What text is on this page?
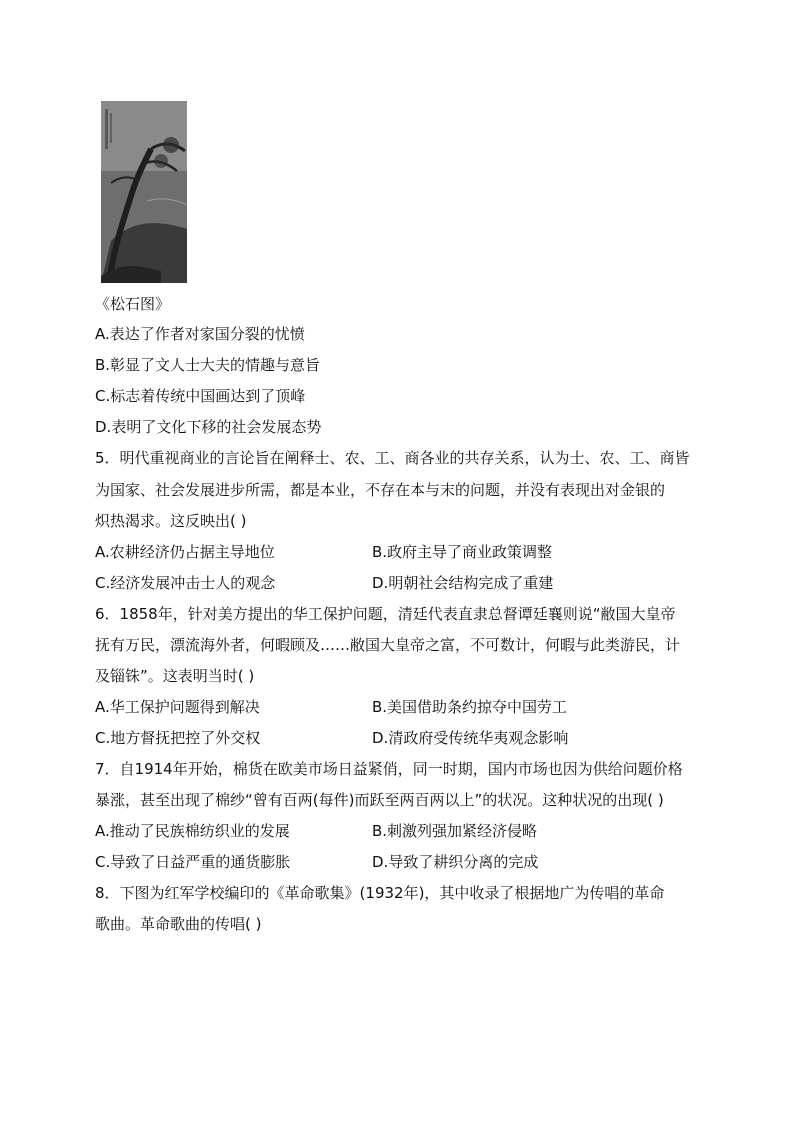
《松石图》
A.表达了作者对家国分裂的忧愤
B.彰显了文人士大夫的情趣与意旨
C.标志着传统中国画达到了顶峰
D.表明了文化下移的社会发展态势
5．明代重视商业的言论旨在阐释士、农、工、商各业的共存关系，认为士、农、工、商皆
为国家、社会发展进步所需，都是本业，不存在本与末的问题，并没有表现出对金银的
炽热渴求。这反映出( )
A.农耕经济仍占据主导地位	B.政府主导了商业政策调整
C.经济发展冲击士人的观念	D.明朝社会结构完成了重建
6．1858年，针对美方提出的华工保护问题，清廷代表直隶总督谭廷襄则说“敝国大皇帝
抚有万民，漂流海外者，何暇顾及……敝国大皇帝之富，不可数计，何暇与此类游民，计
及锱铢”。这表明当时( )
A.华工保护问题得到解决	B.美国借助条约掠夺中国劳工
C.地方督抚把控了外交权	D.清政府受传统华夷观念影响
7．自1914年开始，棉货在欧美市场日益紧俏，同一时期，国内市场也因为供给问题价格
暴涨，甚至出现了棉纱“曾有百两(每件)而跃至两百两以上”的状况。这种状况的出现( )
A.推动了民族棉纺织业的发展	B.刺激列强加紧经济侵略
C.导致了日益严重的通货膨胀	D.导致了耕织分离的完成
8．下图为红军学校编印的《革命歌集》(1932年)，其中收录了根据地广为传唱的革命
歌曲。革命歌曲的传唱( )
